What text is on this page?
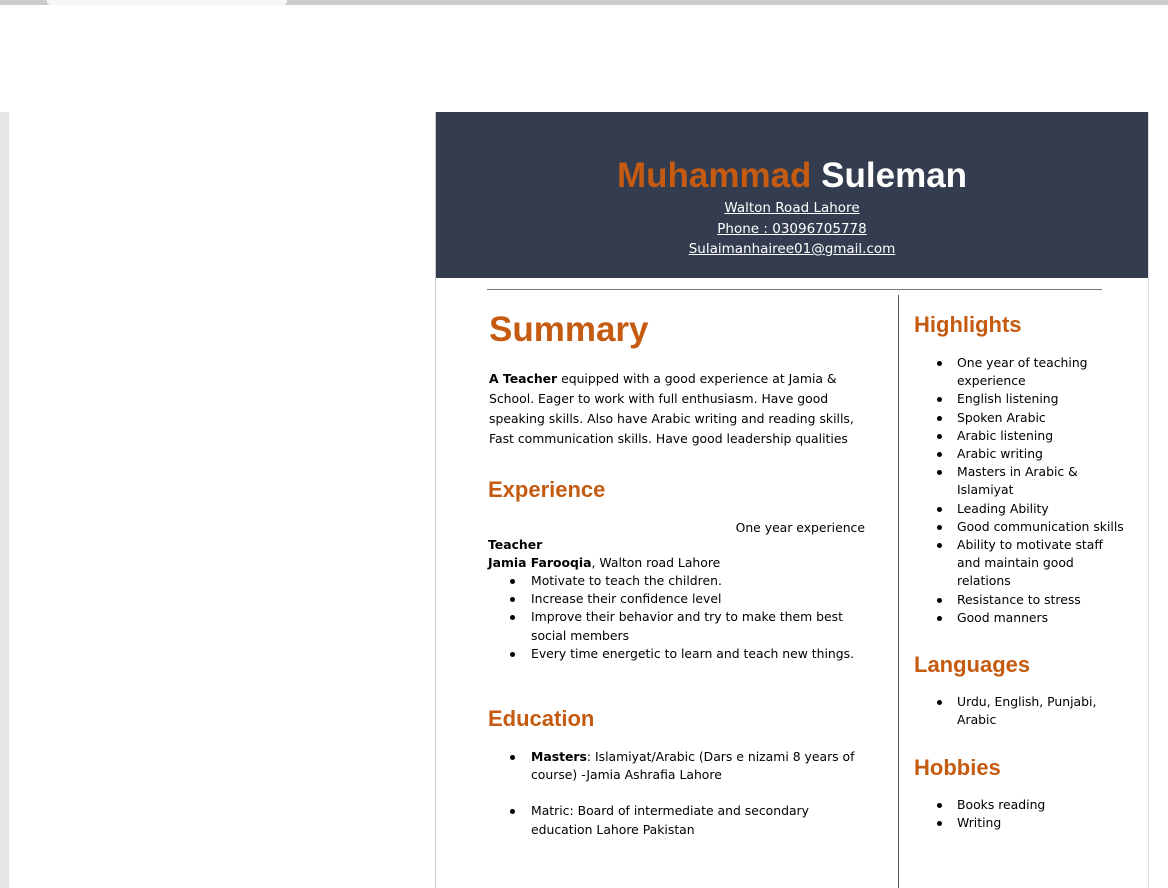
Muhammad Suleman
Walton Road Lahore
Phone : 03096705778
Sulaimanhairee01@gmail.com
Summary
A Teacher equipped with a good experience at Jamia & School. Eager to work with full enthusiasm. Have good speaking skills. Also have Arabic writing and reading skills, Fast communication skills. Have good leadership qualities
Experience
One year experience
Teacher
Jamia Farooqia, Walton road Lahore
Motivate to teach the children.
Increase their confidence level
Improve their behavior and try to make them best social members
Every time energetic to learn and teach new things.
Education
Masters: Islamiyat/Arabic (Dars e nizami 8 years of course) -Jamia Ashrafia Lahore
Matric: Board of intermediate and secondary education Lahore Pakistan
Highlights
One year of teaching experience
English listening
Spoken Arabic
Arabic listening
Arabic writing
Masters in Arabic & Islamiyat
Leading Ability
Good communication skills
Ability to motivate staff and maintain good relations
Resistance to stress
Good manners
Languages
Urdu, English, Punjabi, Arabic
Hobbies
Books reading
Writing
